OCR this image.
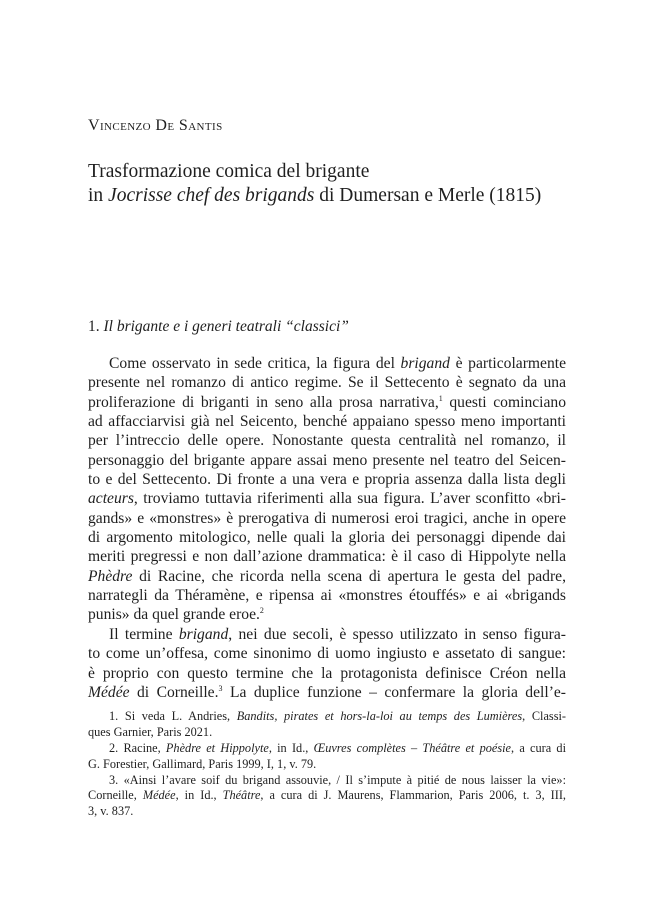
Vincenzo De Santis
Trasformazione comica del brigante
in Jocrisse chef des brigands di Dumersan e Merle (1815)
1. Il brigante e i generi teatrali “classici”
Come osservato in sede critica, la figura del brigand è particolarmente
presente nel romanzo di antico regime. Se il Settecento è segnato da una
proliferazione di briganti in seno alla prosa narrativa,$^1$ questi cominciano
ad affacciarvisi già nel Seicento, benché appaiano spesso meno importanti
per l’intreccio delle opere. Nonostante questa centralità nel romanzo, il
personaggio del brigante appare assai meno presente nel teatro del Seicen-
to e del Settecento. Di fronte a una vera e propria assenza dalla lista degli
acteurs, troviamo tuttavia riferimenti alla sua figura. L’aver sconfitto «bri-
gands» e «monstres» è prerogativa di numerosi eroi tragici, anche in opere
di argomento mitologico, nelle quali la gloria dei personaggi dipende dai
meriti pregressi e non dall’azione drammatica: è il caso di Hippolyte nella
Phèdre di Racine, che ricorda nella scena di apertura le gesta del padre,
narrategli da Théramène, e ripensa ai «monstres étouffés» e ai «brigands
punis» da quel grande eroe.$^2$
Il termine brigand, nei due secoli, è spesso utilizzato in senso figura-
to come un’offesa, come sinonimo di uomo ingiusto e assetato di sangue:
è proprio con questo termine che la protagonista definisce Créon nella
Médée di Corneille.$^3$ La duplice funzione – confermare la gloria dell’e-
1. Si veda L. Andries, Bandits, pirates et hors-la-loi au temps des Lumières, Classi-
ques Garnier, Paris 2021.
2. Racine, Phèdre et Hippolyte, in Id., Œuvres complètes – Théâtre et poésie, a cura di
G. Forestier, Gallimard, Paris 1999, I, 1, v. 79.
3. «Ainsi l’avare soif du brigand assouvie, / Il s’impute à pitié de nous laisser la vie»:
Corneille, Médée, in Id., Théâtre, a cura di J. Maurens, Flammarion, Paris 2006, t. 3, III,
3, v. 837.
